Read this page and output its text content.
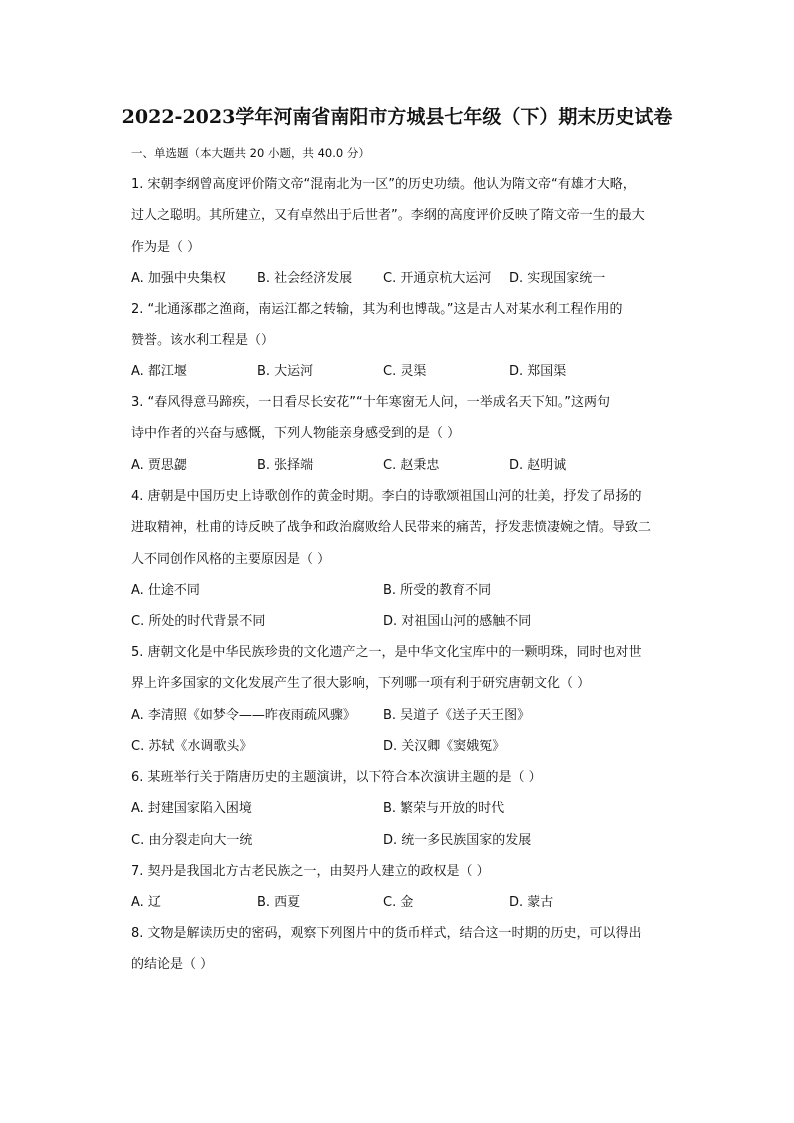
2022-2023学年河南省南阳市方城县七年级（下）期末历史试卷
一、单选题（本大题共 20 小题，共 40.0 分）
1. 宋朝李纲曾高度评价隋文帝“混南北为一区”的历史功绩。他认为隋文帝“有雄才大略，
过人之聪明。其所建立，又有卓然出于后世者”。李纲的高度评价反映了隋文帝一生的最大
作为是（ ）
A. 加强中央集权 B. 社会经济发展 C. 开通京杭大运河 D. 实现国家统一
2. “北通涿郡之渔商，南运江都之转输，其为利也博哉。”这是古人对某水利工程作用的
赞誉。该水利工程是（）
A. 都江堰	B. 大运河	C. 灵渠	D. 郑国渠
3. “春风得意马蹄疾，一日看尽长安花”“十年寒窗无人问，一举成名天下知。”这两句
诗中作者的兴奋与感慨，下列人物能亲身感受到的是（ ）
A. 贾思勰	B. 张择端	C. 赵秉忠	D. 赵明诚
4. 唐朝是中国历史上诗歌创作的黄金时期。李白的诗歌颂祖国山河的壮美，抒发了昂扬的
进取精神，杜甫的诗反映了战争和政治腐败给人民带来的痛苦，抒发悲愤凄婉之情。导致二
人不同创作风格的主要原因是（ ）
A. 仕途不同	B. 所受的教育不同
C. 所处的时代背景不同	D. 对祖国山河的感触不同
5. 唐朝文化是中华民族珍贵的文化遗产之一，是中华文化宝库中的一颗明珠，同时也对世
界上许多国家的文化发展产生了很大影响，下列哪一项有利于研究唐朝文化（ ）
A. 李清照《如梦令——昨夜雨疏风骤》 B. 吴道子《送子天王图》
C. 苏轼《水调歌头》	D. 关汉卿《窦娥冤》
6. 某班举行关于隋唐历史的主题演讲，以下符合本次演讲主题的是（ ）
A. 封建国家陷入困境	B. 繁荣与开放的时代
C. 由分裂走向大一统	D. 统一多民族国家的发展
7. 契丹是我国北方古老民族之一，由契丹人建立的政权是（ ）
A. 辽	B. 西夏	C. 金	D. 蒙古
8. 文物是解读历史的密码，观察下列图片中的货币样式，结合这一时期的历史，可以得出
的结论是（ ）
